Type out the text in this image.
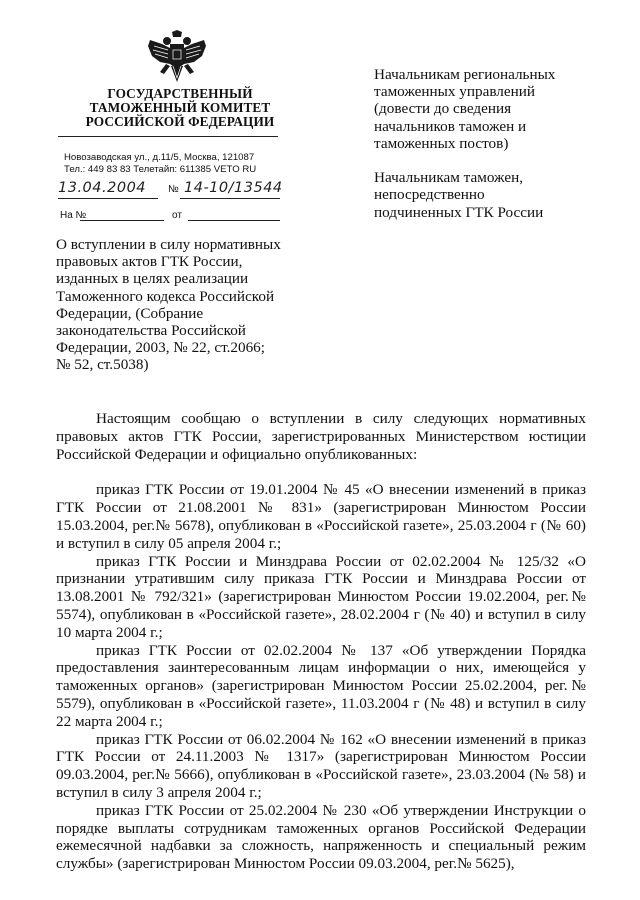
ГОСУДАРСТВЕННЫЙ
ТАМОЖЕННЫЙ КОМИТЕТ
РОССИЙСКОЙ ФЕДЕРАЦИИ
Новозаводская ул., д.11/5, Москва, 121087
Тел.: 449 83 83 Телетайп: 611385 VETO RU
13.04.2004 № 14-10/13544
На №	от
Начальникам региональных
таможенных управлений
(довести до сведения
начальников таможен и
таможенных постов)
Начальникам таможен,
непосредственно
подчиненных ГТК России
О вступлении в силу нормативных
правовых актов ГТК России,
изданных в целях реализации
Таможенного кодекса Российской
Федерации, (Собрание
законодательства Российской
Федерации, 2003, № 22, ст.2066;
№ 52, ст.5038)

Настоящим сообщаю о вступлении в силу следующих нормативных правовых актов ГТК России, зарегистрированных Министерством юстиции Российской Федерации и официально опубликованных:

приказ ГТК России от 19.01.2004 № 45 «О внесении изменений в приказ ГТК России от 21.08.2001 № 831» (зарегистрирован Минюстом России 15.03.2004, рег.№ 5678), опубликован в «Российской газете», 25.03.2004 г (№ 60) и вступил в силу 05 апреля 2004 г.;

приказ ГТК России и Минздрава России от 02.02.2004 № 125/32 «О признании утратившим силу приказа ГТК России и Минздрава России от 13.08.2001 № 792/321» (зарегистрирован Минюстом России 19.02.2004, рег.№ 5574), опубликован в «Российской газете», 28.02.2004 г (№ 40) и вступил в силу 10 марта 2004 г.;

приказ ГТК России от 02.02.2004 № 137 «Об утверждении Порядка предоставления заинтересованным лицам информации о них, имеющейся у таможенных органов» (зарегистрирован Минюстом России 25.02.2004, рег.№ 5579), опубликован в «Российской газете», 11.03.2004 г (№ 48) и вступил в силу 22 марта 2004 г.;

приказ ГТК России от 06.02.2004 № 162 «О внесении изменений в приказ ГТК России от 24.11.2003 № 1317» (зарегистрирован Минюстом России 09.03.2004, рег.№ 5666), опубликован в «Российской газете», 23.03.2004 (№ 58) и вступил в силу 3 апреля 2004 г.;

приказ ГТК России от 25.02.2004 № 230 «Об утверждении Инструкции о порядке выплаты сотрудникам таможенных органов Российской Федерации ежемесячной надбавки за сложность, напряженность и специальный режим службы» (зарегистрирован Минюстом России 09.03.2004, рег.№ 5625),
